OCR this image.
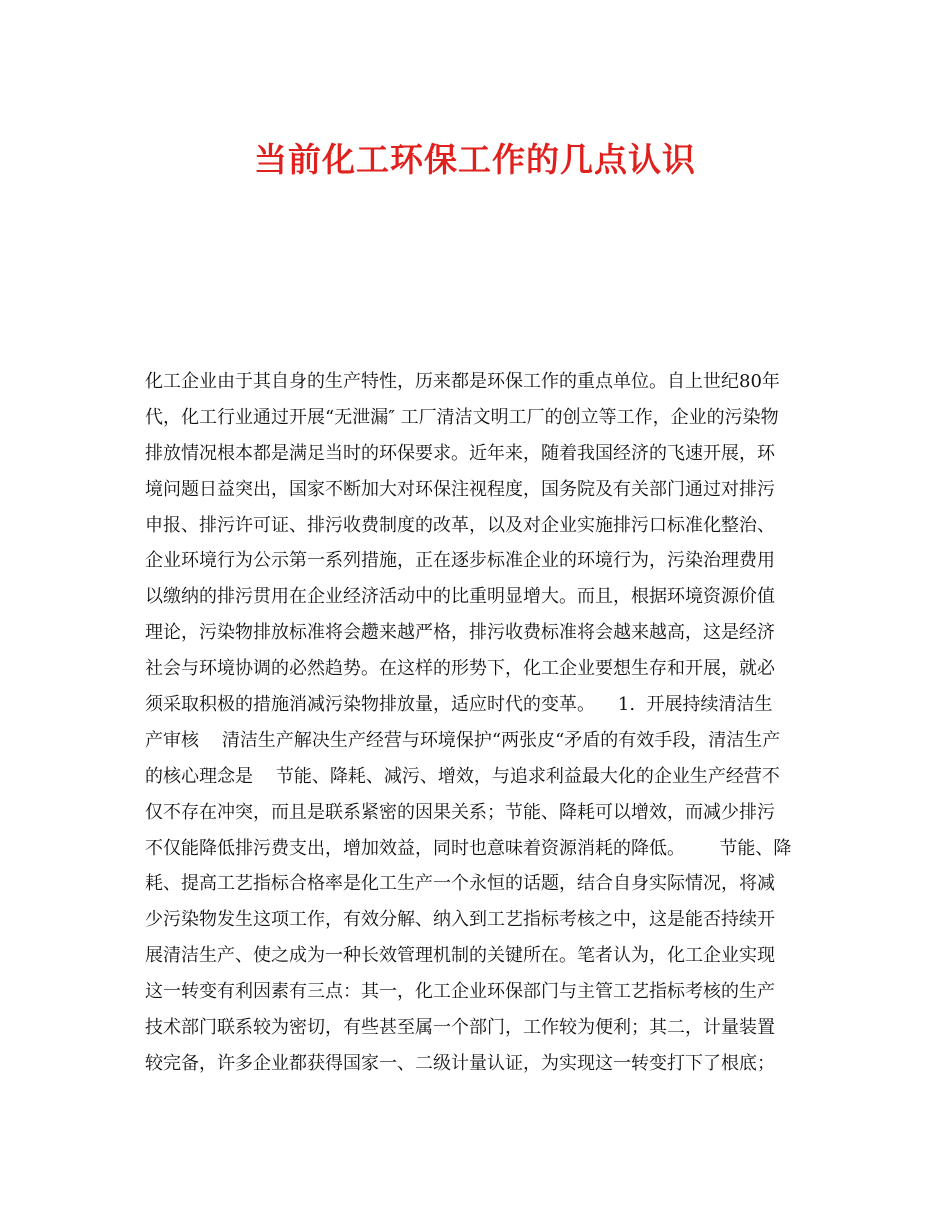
当前化工环保工作的几点认识
化工企业由于其自身的生产特性，历来都是环保工作的重点单位。自上世纪80年
代，化工行业通过开展“无泄漏″ 工厂清洁文明工厂的创立等工作，企业的污染物
排放情况根本都是满足当时的环保要求。近年来，随着我国经济的飞速开展，环
境问题日益突出，国家不断加大对环保注视程度，国务院及有关部门通过对排污
申报、排污许可证、排污收费制度的改革，以及对企业实施排污口标准化整治、
企业环境行为公示第一系列措施，正在逐步标准企业的环境行为，污染治理费用
以缴纳的排污贯用在企业经济活动中的比重明显增大。而且，根据环境资源价值
理论，污染物排放标准将会趱来越严格，排污收费标准将会越来越高，这是经济
社会与环境协调的必然趋势。在这样的形势下，化工企业要想生存和开展，就必
须采取积极的措施消减污染物排放量，适应时代的变革。    1.  开展持续清洁生
产审核    清洁生产解决生产经营与环境保护“两张皮“矛盾的有效手段，清洁生产
的核心理念是    节能、降耗、减污、增效，与追求利益最大化的企业生产经营不
仅不存在冲突，而且是联系紧密的因果关系；节能、降耗可以增效，而减少排污
不仅能降低排污费支出，增加效益，同时也意味着资源消耗的降低。      节能、降
耗、提高工艺指标合格率是化工生产一个永恒的话题，结合自身实际情况，将减
少污染物发生这项工作，有效分解、纳入到工艺指标考核之中，这是能否持续开
展清洁生产、使之成为一种长效管理机制的关键所在。笔者认为，化工企业实现
这一转变有利因素有三点：其一，化工企业环保部门与主管工艺指标考核的生产
技术部门联系较为密切，有些甚至属一个部门，工作较为便利；其二，计量装置
较完备，许多企业都获得国家一、二级计量认证，为实现这一转变打下了根底；
